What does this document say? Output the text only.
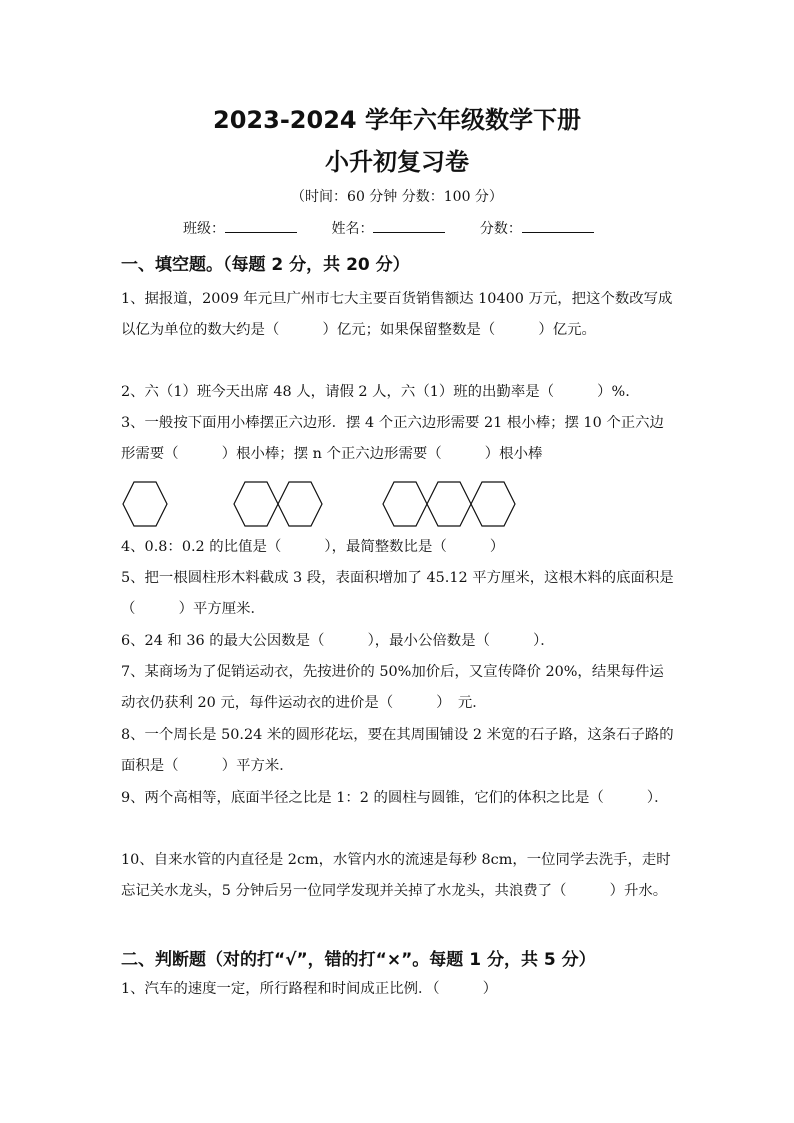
2023-2024 学年六年级数学下册
小升初复习卷
（时间：60 分钟 分数：100 分）
班级：	姓名：	分数：
一、填空题。（每题 2 分，共 20 分）
1、据报道，2009 年元旦广州市七大主要百货销售额达 10400 万元，把这个数改写成以亿为单位的数大约是（　　　）亿元；如果保留整数是（　　　）亿元。
2、六（1）班今天出席 48 人，请假 2 人，六（1）班的出勤率是（　　　）%.
3、一般按下面用小棒摆正六边形．摆 4 个正六边形需要 21 根小棒；摆 10 个正六边形需要（　　　）根小棒；摆 n 个正六边形需要（　　　）根小棒
4、0.8：0.2 的比值是（　　　），最简整数比是（　　　）
5、把一根圆柱形木料截成 3 段，表面积增加了 45.12 平方厘米，这根木料的底面积是（　　　）平方厘米．
6、24 和 36 的最大公因数是（　　　），最小公倍数是（　　　）．
7、某商场为了促销运动衣，先按进价的 50%加价后，又宣传降价 20%，结果每件运动衣仍获利 20 元，每件运动衣的进价是（　　　）　元．
8、一个周长是 50.24 米的圆形花坛，要在其周围铺设 2 米宽的石子路，这条石子路的面积是（　　　）平方米．
9、两个高相等，底面半径之比是 1：2 的圆柱与圆锥，它们的体积之比是（　　　）．
10、自来水管的内直径是 2cm，水管内水的流速是每秒 8cm，一位同学去洗手，走时忘记关水龙头，5 分钟后另一位同学发现并关掉了水龙头，共浪费了（　　　）升水。
二、判断题（对的打“√”，错的打“×”。每题 1 分，共 5 分）
1、汽车的速度一定，所行路程和时间成正比例．（　　　）
